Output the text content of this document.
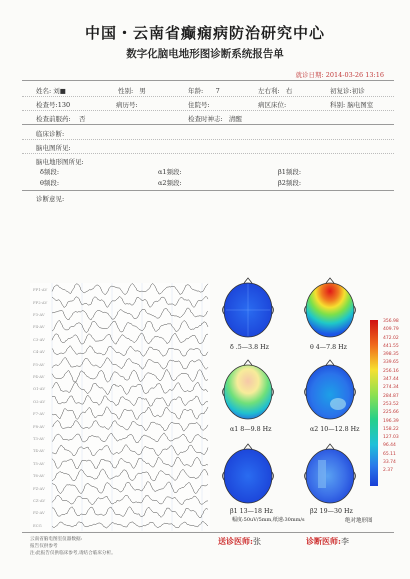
中国・云南省癫痫病防治研究中心
数字化脑电地形图诊断系统报告单
就诊日期: 2014-03-26 13:16
姓名: 刘■	性别: 男	年龄: 7	左右利: 右	初复诊:初诊
检查号:130	病历号:	住院号:	病区床位:	科别: 脑电图室
检查前服药: 否	检查时神志: 清醒
临床诊断:
脑电图所见:
脑电地形图所见:
δ频段:	α1频段:	β1频段:
θ频段:	α2频段:	β2频段:
诊断意见:
FP1-AV
FP2-AV
F3-AV
F4-AV
C3-AV
C4-AV
P3-AV
P4-AV
O1-AV
O2-AV
F7-AV
F8-AV
T3-AV
T4-AV
T5-AV
T6-AV
FZ-AV
CZ-AV
PZ-AV
ECG
δ .5—3.8 Hz	θ 4—7.8 Hz
α1 8—9.8 Hz	α2 10—12.8 Hz
β1 13—18 Hz	β2 19—30 Hz
356.98
409.79
472.02
441.55
398.35
339.65
256.16
347.44
274.34
284.87
253.52
225.66
196.39
158.22
127.03
96.44
65.11
33.74
2.37
幅度:50uV/5mm,纸速:30mm/s	绝对地形图
云南省脑电图室仪器数据:
报告仅供参考
注:此报告仅供临床参考,请结合临床分析。
送诊医师:张	诊断医师:李
